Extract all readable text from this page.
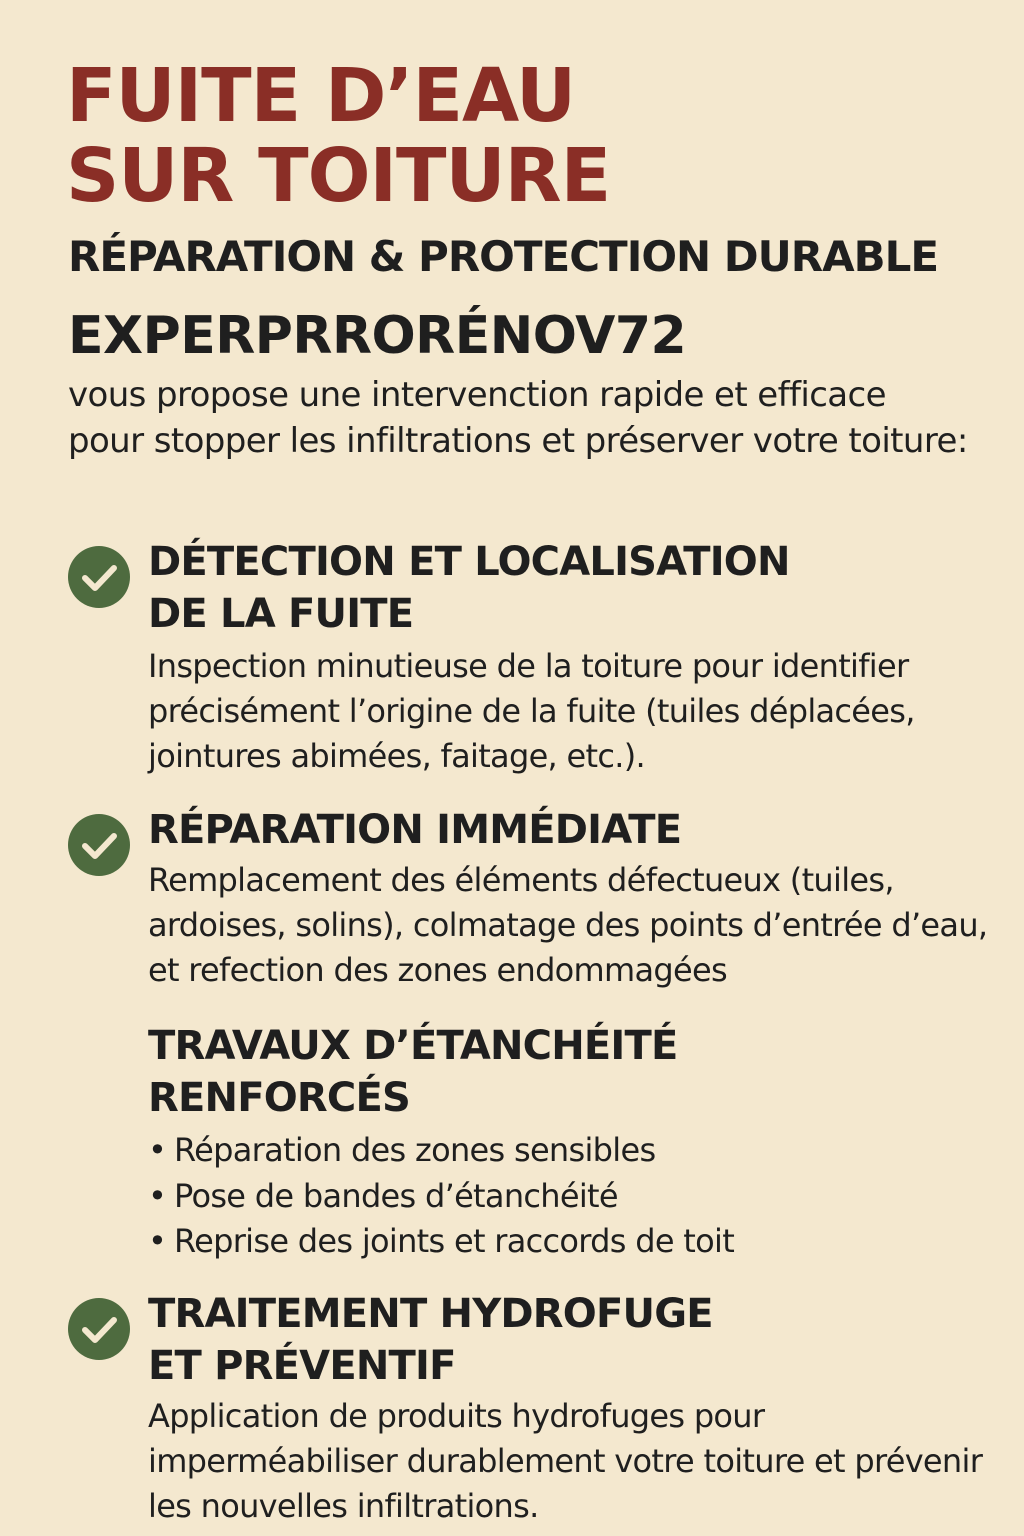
FUITE D’EAU
SUR TOITURE
RÉPARATION & PROTECTION DURABLE
EXPERPRRORÉNOV72

vous propose une intervenction rapide et efficace pour stopper les infiltrations et préserver votre toiture:

DÉTECTION ET LOCALISATION
DE LA FUITE

Inspection minutieuse de la toiture pour identifier précisément l’origine de la fuite (tuiles déplacées, jointures abimées, faitage, etc.).

RÉPARATION IMMÉDIATE

Remplacement des éléments défectueux (tuiles, ardoises, solins), colmatage des points d’entrée d’eau, et refection des zones endommagées

TRAVAUX D’ÉTANCHÉITÉ
RENFORCÉS
• Réparation des zones sensibles
• Pose de bandes d’étanchéité
• Reprise des joints et raccords de toit
TRAITEMENT HYDROFUGE
ET PRÉVENTIF

Application de produits hydrofuges pour imperméabiliser durablement votre toiture et prévenir les nouvelles infiltrations.
